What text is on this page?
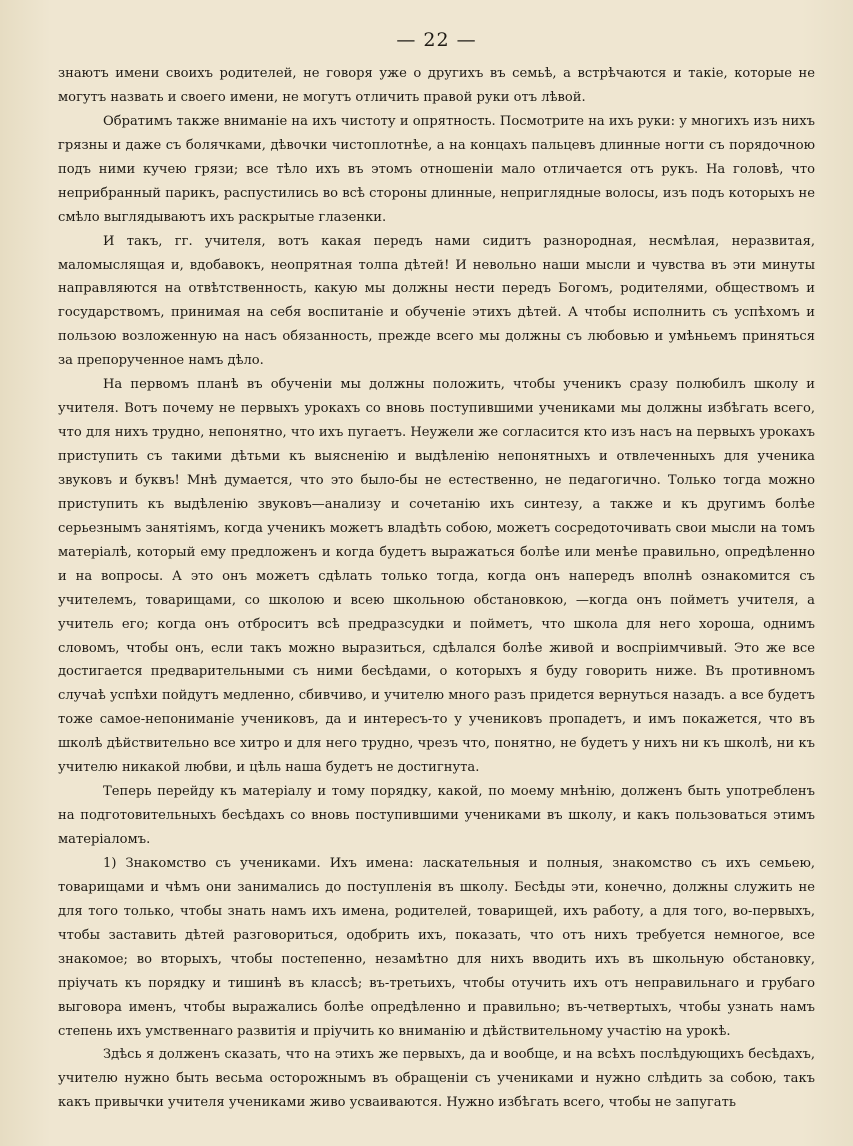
— 22 —

знаютъ имени своихъ родителей, не говоря уже о другихъ въ семьѣ, а встрѣчаются и такіе, которые не могутъ назвать и своего имени, не могутъ отличить правой руки отъ лѣвой.

Обратимъ также вниманіе на ихъ чистоту и опрятность. Посмотрите на ихъ руки: у многихъ изъ нихъ грязны и даже съ болячками, дѣвочки чистоплотнѣе, а на концахъ пальцевъ длинные ногти съ порядочною подъ ними кучею грязи; все тѣло ихъ въ этомъ отношеніи мало отличается отъ рукъ. На головѣ, что неприбранный парикъ, распустились во всѣ стороны длинные, неприглядные волосы, изъ подъ которыхъ не смѣло выглядываютъ ихъ раскрытые глазенки.

И такъ, гг. учителя, вотъ какая передъ нами сидитъ разнородная, несмѣлая, неразвитая, маломыслящая и, вдобавокъ, неопрятная толпа дѣтей! И невольно наши мысли и чувства въ эти минуты направляются на отвѣтственность, какую мы должны нести передъ Богомъ, родителями, обществомъ и государствомъ, принимая на себя воспитаніе и обученіе этихъ дѣтей. А чтобы исполнить съ успѣхомъ и пользою возложенную на насъ обязанность, прежде всего мы должны съ любовью и умѣньемъ приняться за препорученное намъ дѣло.

На первомъ планѣ въ обученіи мы должны положить, чтобы ученикъ сразу полюбилъ школу и учителя. Вотъ почему не первыхъ урокахъ со вновь поступившими учениками мы должны избѣгать всего, что для нихъ трудно, непонятно, что ихъ пугаетъ. Неужели же согласится кто изъ насъ на первыхъ урокахъ приступить съ такими дѣтьми къ выясненію и выдѣленію непонятныхъ и отвлеченныхъ для ученика звуковъ и буквъ! Мнѣ думается, что это было-бы не естественно, не педагогично. Только тогда можно приступить къ выдѣленію звуковъ—анализу и сочетанію ихъ синтезу, а также и къ другимъ болѣе серьезнымъ занятіямъ, когда ученикъ можетъ владѣть собою, можетъ сосредоточивать свои мысли на томъ матеріалѣ, который ему предложенъ и когда будетъ выражаться болѣе или менѣе правильно, опредѣленно и на вопросы. А это онъ можетъ сдѣлать только тогда, когда онъ напередъ вполнѣ ознакомится съ учителемъ, товарищами, со школою и всею школьною обстановкою, —когда онъ пойметъ учителя, а учитель его; когда онъ отброситъ всѣ предразсудки и пойметъ, что школа для него хороша, однимъ словомъ, чтобы онъ, если такъ можно выразиться, сдѣлался болѣе живой и воспріимчивый. Это же все достигается предварительными съ ними бесѣдами, о которыхъ я буду говорить ниже. Въ противномъ случаѣ успѣхи пойдутъ медленно, сбивчиво, и учителю много разъ придется вернуться назадъ. а все будетъ тоже самое-непониманіе учениковъ, да и интересъ-то у учениковъ пропадетъ, и имъ покажется, что въ школѣ дѣйствительно все хитро и для него трудно, чрезъ что, понятно, не будетъ у нихъ ни къ школѣ, ни къ учителю никакой любви, и цѣль наша будетъ не достигнута.

Теперь перейду къ матеріалу и тому порядку, какой, по моему мнѣнію, долженъ быть употребленъ на подготовительныхъ бесѣдахъ со вновь поступившими учениками въ школу, и какъ пользоваться этимъ матеріаломъ.

1) Знакомство съ учениками. Ихъ имена: ласкательныя и полныя, знакомство съ ихъ семьею, товарищами и чѣмъ они занимались до поступленія въ школу. Бесѣды эти, конечно, должны служить не для того только, чтобы знать намъ ихъ имена, родителей, товарищей, ихъ работу, а для того, во-первыхъ, чтобы заставить дѣтей разговориться, одобрить ихъ, показать, что отъ нихъ требуется немногое, все знакомое; во вторыхъ, чтобы постепенно, незамѣтно для нихъ вводить ихъ въ школьную обстановку, пріучать къ порядку и тишинѣ въ классѣ; въ-третьихъ, чтобы отучить ихъ отъ неправильнаго и грубаго выговора именъ, чтобы выражались болѣе опредѣленно и правильно; въ-четвертыхъ, чтобы узнать намъ степень ихъ умственнаго развитія и пріучить ко вниманію и дѣйствительному участію на урокѣ.

Здѣсь я долженъ сказать, что на этихъ же первыхъ, да и вообще, и на всѣхъ послѣдующихъ бесѣдахъ, учителю нужно быть весьма осторожнымъ въ обращеніи съ учениками и нужно слѣдить за собою, такъ какъ привычки учителя учениками живо усваиваются. Нужно избѣгать всего, чтобы не запугать
